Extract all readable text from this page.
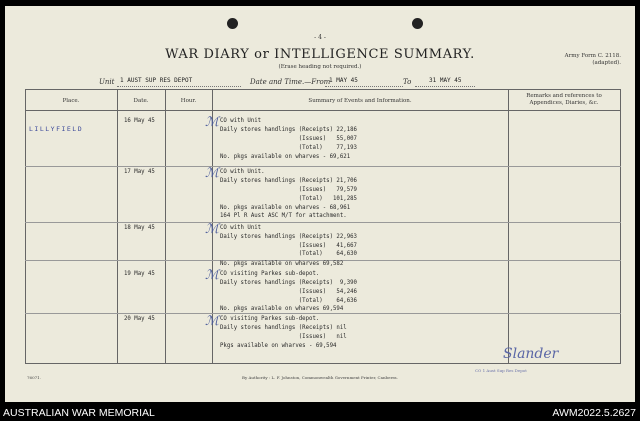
- 4 -
WAR DIARY or INTELLIGENCE SUMMARY.
(Erase heading not required.)
Army Form C. 2118.
(adapted).
Unit 1 AUST SUP RES DEPOT	Date and Time.—From
1 MAY 45	To	31 MAY 45
Place.	Date.	Hour.	Summary of Events and Information.
Remarks and references to
Appendices, Diaries, &c.
LILLYFIELD
16 May 45	ℳ CO with Unit
Daily stores handlings (Receipts) 22,186
(Issues)   55,007
(Total)    77,193
No. pkgs available on wharves - 69,621
17 May 45	ℳ CO with Unit.
Daily stores handlings (Receipts) 21,706
(Issues)   79,579
(Total)   101,285
No. pkgs available on wharves - 68,961
164 Pl R Aust ASC M/T for attachment.
18 May 45	ℳ CO with Unit
Daily stores handlings (Receipts) 22,963
(Issues)   41,667
(Total)    64,630
No. pkgs available on wharves 69,582
19 May 45	ℳ CO visiting Parkes sub-depot.
Daily stores handlings (Receipts)  9,390
(Issues)   54,246
(Total)    64,636
No. pkgs available on wharves 69,594
20 May 45	ℳ CO visiting Parkes sub-depot.
Daily stores handlings (Receipts) nil
(Issues)   nil
Pkgs available on wharves - 69,594	Slander
CO 1 Aust Sup Res Depot
76071.	By Authority : L. F. Johnston, Commonwealth Government Printer, Canberra.
AUSTRALIAN WAR MEMORIAL	AWM2022.5.2627
